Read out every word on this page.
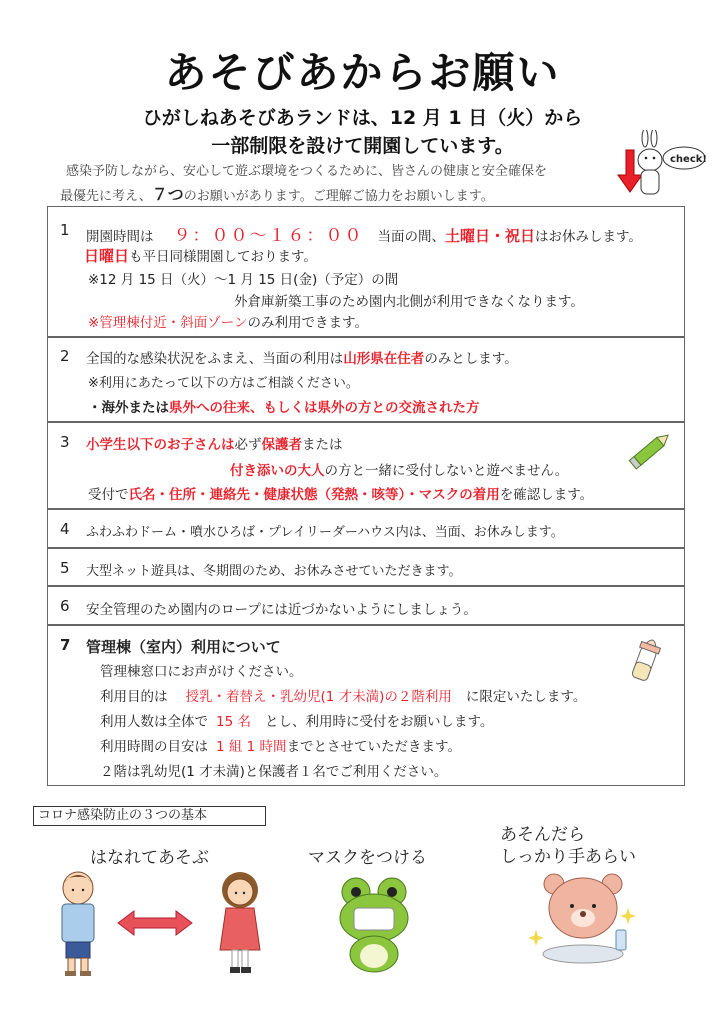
あそびあからお願い
ひがしねあそびあランドは、12 月 1 日（火）から
一部制限を設けて開園しています。
感染予防しながら、安心して遊ぶ環境をつくるために、皆さんの健康と安全確保を
最優先に考え、７つのお願いがあります。ご理解ご協力をお願いします。
check!
1 開園時間は ９：００～１６：００ 当面の間、土曜日・祝日はお休みします。
日曜日も平日同様開園しております。
※12 月 15 日（火）～1 月 15 日(金)（予定）の間
外倉庫新築工事のため園内北側が利用できなくなります。
※管理棟付近・斜面ゾーンのみ利用できます。
2 全国的な感染状況をふまえ、当面の利用は山形県在住者のみとします。
※利用にあたって以下の方はご相談ください。
・海外または県外への往来、もしくは県外の方との交流された方
3 小学生以下のお子さんは必ず保護者または
付き添いの大人の方と一緒に受付しないと遊べません。
受付で氏名・住所・連絡先・健康状態（発熱・咳等）・マスクの着用を確認します。
4 ふわふわドーム・噴水ひろば・プレイリーダーハウス内は、当面、お休みします。
5 大型ネット遊具は、冬期間のため、お休みさせていただきます。
6 安全管理のため園内のロープには近づかないようにしましょう。
7 管理棟（室内）利用について
管理棟窓口にお声がけください。
利用目的は 授乳・着替え・乳幼児(1 才未満)の２階利用 に限定いたします。
利用人数は全体で 15 名 とし、利用時に受付をお願いします。
利用時間の目安は 1 組 1 時間までとさせていただきます。
２階は乳幼児(1 才未満)と保護者１名でご利用ください。
コロナ感染防止の３つの基本
はなれてあそぶ	マスクをつける
あそんだら
しっかり手あらい
